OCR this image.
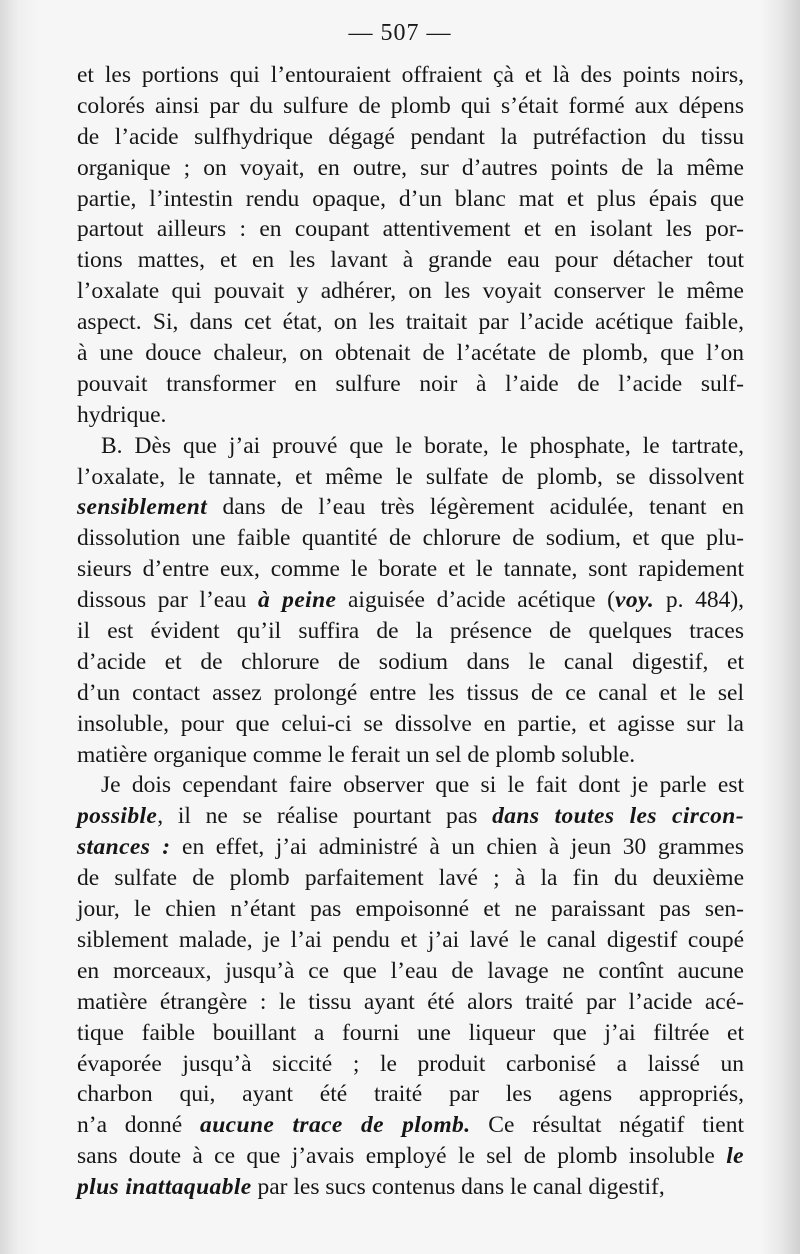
— 507 —
et les portions qui l’entouraient offraient çà et là des points noirs,
colorés ainsi par du sulfure de plomb qui s’était formé aux dépens
de l’acide sulfhydrique dégagé pendant la putréfaction du tissu
organique ; on voyait, en outre, sur d’autres points de la même
partie, l’intestin rendu opaque, d’un blanc mat et plus épais que
partout ailleurs : en coupant attentivement et en isolant les por-
tions mattes, et en les lavant à grande eau pour détacher tout
l’oxalate qui pouvait y adhérer, on les voyait conserver le même
aspect. Si, dans cet état, on les traitait par l’acide acétique faible,
à une douce chaleur, on obtenait de l’acétate de plomb, que l’on
pouvait transformer en sulfure noir à l’aide de l’acide sulf-
hydrique.
B. Dès que j’ai prouvé que le borate, le phosphate, le tartrate,
l’oxalate, le tannate, et même le sulfate de plomb, se dissolvent
sensiblement dans de l’eau très légèrement acidulée, tenant en
dissolution une faible quantité de chlorure de sodium, et que plu-
sieurs d’entre eux, comme le borate et le tannate, sont rapidement
dissous par l’eau à peine aiguisée d’acide acétique (voy. p. 484),
il est évident qu’il suffira de la présence de quelques traces
d’acide et de chlorure de sodium dans le canal digestif, et
d’un contact assez prolongé entre les tissus de ce canal et le sel
insoluble, pour que celui-ci se dissolve en partie, et agisse sur la
matière organique comme le ferait un sel de plomb soluble.
Je dois cependant faire observer que si le fait dont je parle est
possible, il ne se réalise pourtant pas dans toutes les circon-
stances : en effet, j’ai administré à un chien à jeun 30 grammes
de sulfate de plomb parfaitement lavé ; à la fin du deuxième
jour, le chien n’étant pas empoisonné et ne paraissant pas sen-
siblement malade, je l’ai pendu et j’ai lavé le canal digestif coupé
en morceaux, jusqu’à ce que l’eau de lavage ne contînt aucune
matière étrangère : le tissu ayant été alors traité par l’acide acé-
tique faible bouillant a fourni une liqueur que j’ai filtrée et
évaporée jusqu’à siccité ; le produit carbonisé a laissé un
charbon qui, ayant été traité par les agens appropriés,
n’a donné aucune trace de plomb. Ce résultat négatif tient
sans doute à ce que j’avais employé le sel de plomb insoluble le
plus inattaquable par les sucs contenus dans le canal digestif,
